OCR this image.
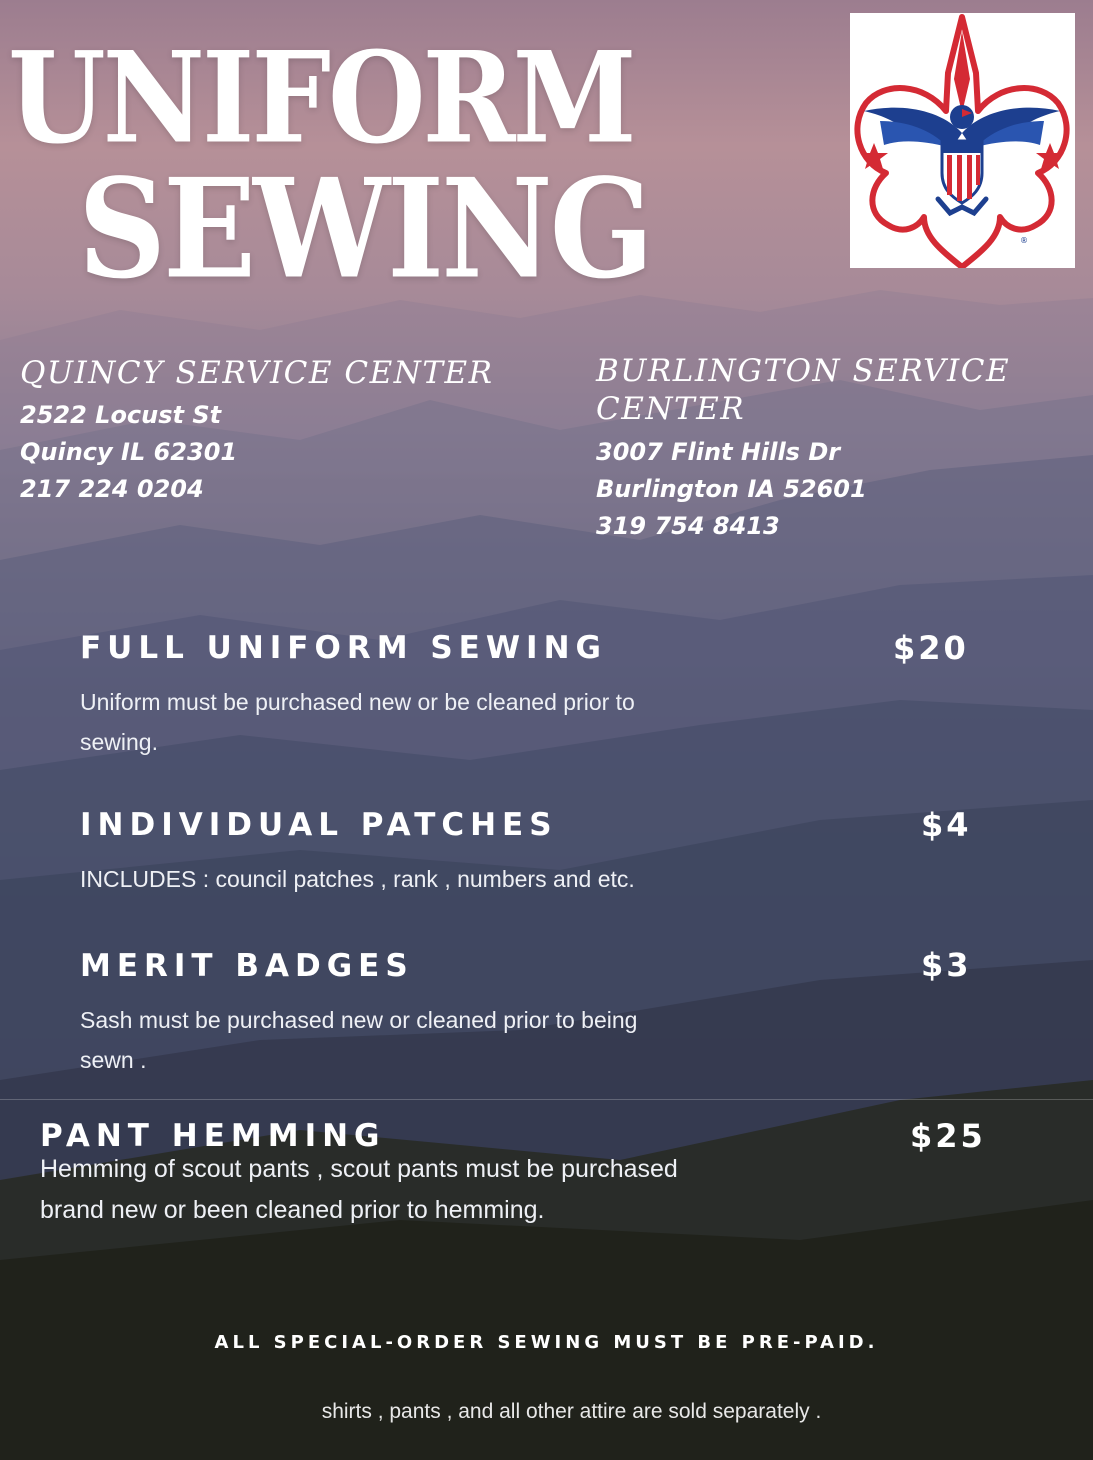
UNIFORM
SEWING	®
QUINCY SERVICE CENTER

2522 Locust St

Quincy IL 62301

217 224 0204

BURLINGTON SERVICE
CENTER

3007 Flint Hills Dr

Burlington IA 52601

319 754 8413

FULL UNIFORM SEWING	$20

Uniform must be purchased new or be cleaned prior to

sewing.

INDIVIDUAL PATCHES	$4

INCLUDES : council patches , rank , numbers and etc.

MERIT BADGES	$3

Sash must be purchased new or cleaned prior to being

sewn .

PANT HEMMING	$25

Hemming of scout pants , scout pants must be purchased

brand new or been cleaned prior to hemming.

ALL SPECIAL-ORDER SEWING MUST BE PRE-PAID.

shirts , pants , and all other attire are sold separately .
